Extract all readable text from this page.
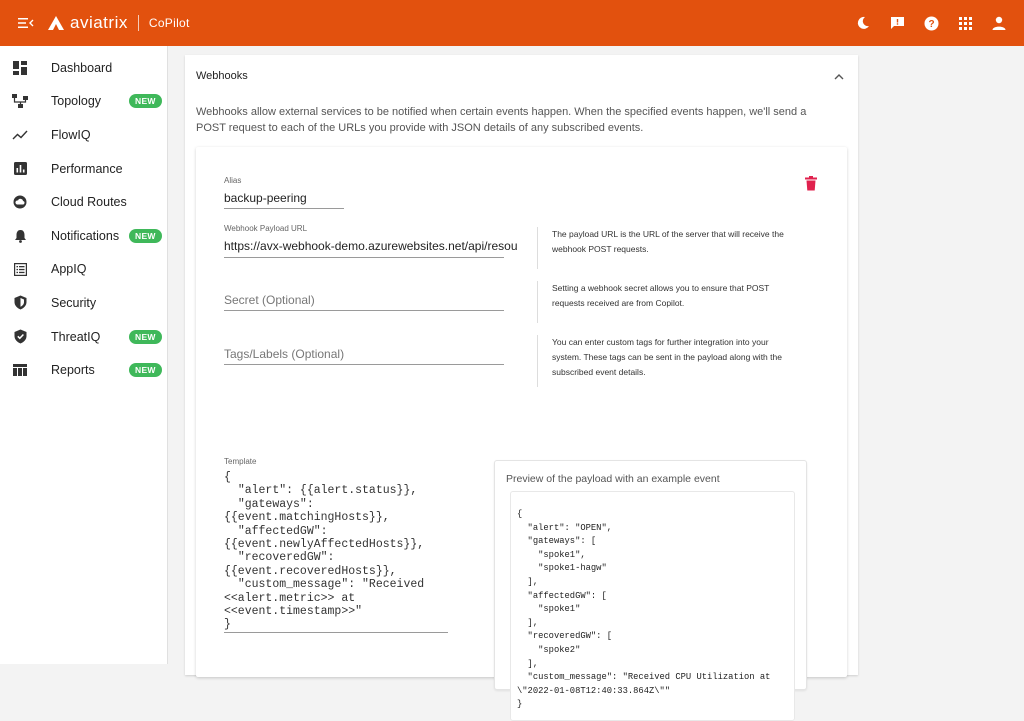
aviatrix CoPilot	?
Dashboard
Topology	NEW
FlowIQ
Performance
Cloud Routes
Notifications	NEW
AppIQ
Security
ThreatIQ	NEW
Reports	NEW
Webhooks
Webhooks allow external services to be notified when certain events happen. When the specified events happen, we'll send a POST request to each of the URLs you provide with JSON details of any subscribed events.
Alias
backup-peering
Webhook Payload URL
https://avx-webhook-demo.azurewebsites.net/api/resou
The payload URL is the URL of the server that will receive the webhook POST requests.
Secret (Optional)
Setting a webhook secret allows you to ensure that POST requests received are from Copilot.
Tags/Labels (Optional)
You can enter custom tags for further integration into your system. These tags can be sent in the payload along with the subscribed event details.
Template
{
"alert": {{alert.status}},
"gateways": {{event.matchingHosts}},
"affectedGW": {{event.newlyAffectedHosts}},
"recoveredGW": {{event.recoveredHosts}},
"custom_message": "Received <<alert.metric>> at <<event.timestamp>>"
}
Preview of the payload with an example event
{
"alert": "OPEN",
"gateways": [
"spoke1",
"spoke1-hagw"
],
"affectedGW": [
"spoke1"
],
"recoveredGW": [
"spoke2"
],
"custom_message": "Received CPU Utilization at
\"2022-01-08T12:40:33.864Z\""
}
